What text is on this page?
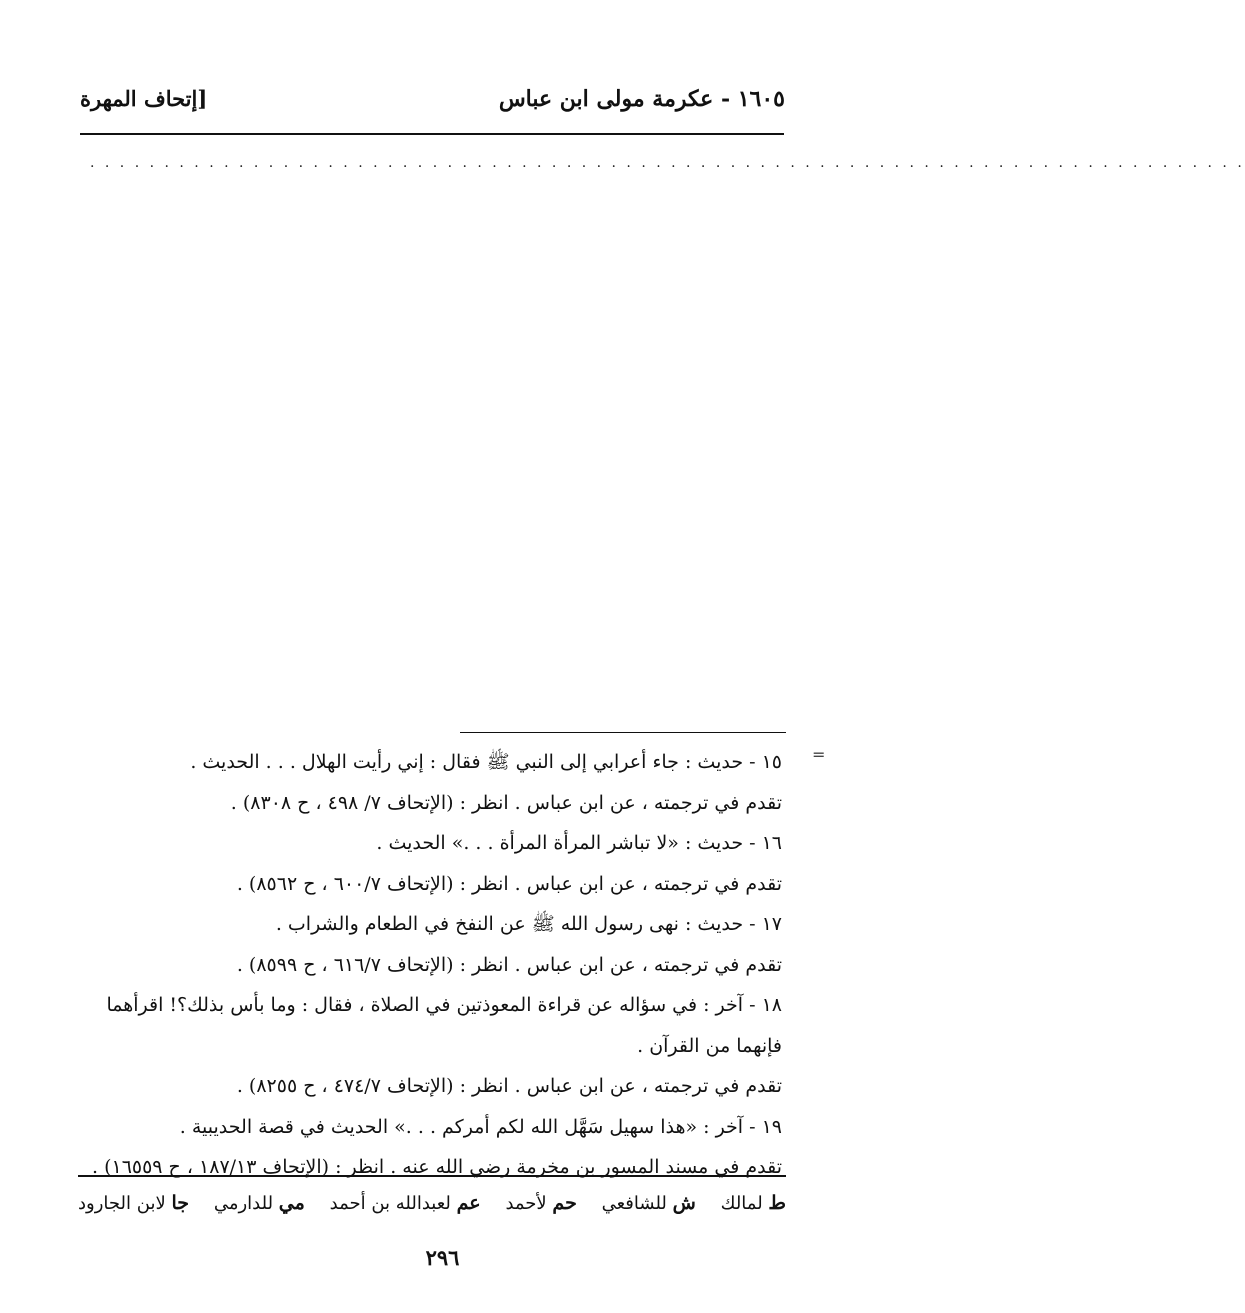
١٦٠٥ - عكرمة مولى ابن عباس
[إتحاف المهرة
. . . . . . . . . . . . . . . . . . . . . . . . . . . . . . . . . . . . . . . . . . . . . . . . . . . . . . . . . . . . . . . . . . . . . . . . . . . . . .
=
١٥ - حديث : جاء أعرابي إلى النبي ﷺ فقال : إني رأيت الهلال . . . الحديث .
تقدم في ترجمته ، عن ابن عباس . انظر : (الإتحاف ٧/ ٤٩٨ ، ح ٨٣٠٨) .
١٦ - حديث : «لا تباشر المرأة المرأة . . .» الحديث .
تقدم في ترجمته ، عن ابن عباس . انظر : (الإتحاف ٦٠٠/٧ ، ح ٨٥٦٢) .
١٧ - حديث : نهى رسول الله ﷺ عن النفخ في الطعام والشراب .
تقدم في ترجمته ، عن ابن عباس . انظر : (الإتحاف ٦١٦/٧ ، ح ٨٥٩٩) .
١٨ - آخر : في سؤاله عن قراءة المعوذتين في الصلاة ، فقال : وما بأس بذلك؟! اقرأهما فإنهما من القرآن .
تقدم في ترجمته ، عن ابن عباس . انظر : (الإتحاف ٤٧٤/٧ ، ح ٨٢٥٥) .
١٩ - آخر : «هذا سهيل سَهَّل الله لكم أمركم . . .» الحديث في قصة الحديبية .
تقدم في مسند المسور بن مخرمة رضي الله عنه . انظر : (الإتحاف ١٨٧/١٣ ، ح ١٦٥٥٩) .
ط لمالك
ش للشافعي
حم لأحمد
عم لعبدالله بن أحمد
مي للدارمي
جا لابن الجارود
٢٩٦
